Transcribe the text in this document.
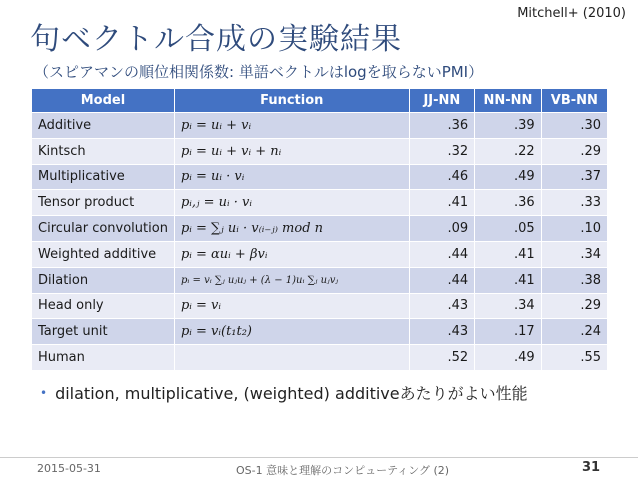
Mitchell+ (2010)
句ベクトル合成の実験結果
（スピアマンの順位相関係数: 単語ベクトルはlogを取らないPMI）
Model	Function	JJ-NN	NN-NN	VB-NN
Additive	pᵢ = uᵢ + vᵢ	.36	.39	.30
Kintsch	pᵢ = uᵢ + vᵢ + nᵢ	.32	.22	.29
Multiplicative	pᵢ = uᵢ · vᵢ	.46	.49	.37
Tensor product	pᵢ,ⱼ = uᵢ · vᵢ	.41	.36	.33
Circular convolution	pᵢ = ∑ⱼ uᵢ · v₍ᵢ₋ⱼ₎ mod n	.09	.05	.10
Weighted additive	pᵢ = αuᵢ + βvᵢ	.44	.41	.34
Dilation	pᵢ = vᵢ ∑ⱼ uⱼuⱼ + (λ − 1)uᵢ ∑ⱼ uⱼvⱼ	.44	.41	.38
Head only	pᵢ = vᵢ	.43	.34	.29
Target unit	pᵢ = vᵢ(t₁t₂)	.43	.17	.24
Human		.52	.49	.55
• dilation, multiplicative, (weighted) additiveあたりがよい性能
2015-05-31	OS-1 意味と理解のコンピューティング (2)	31
